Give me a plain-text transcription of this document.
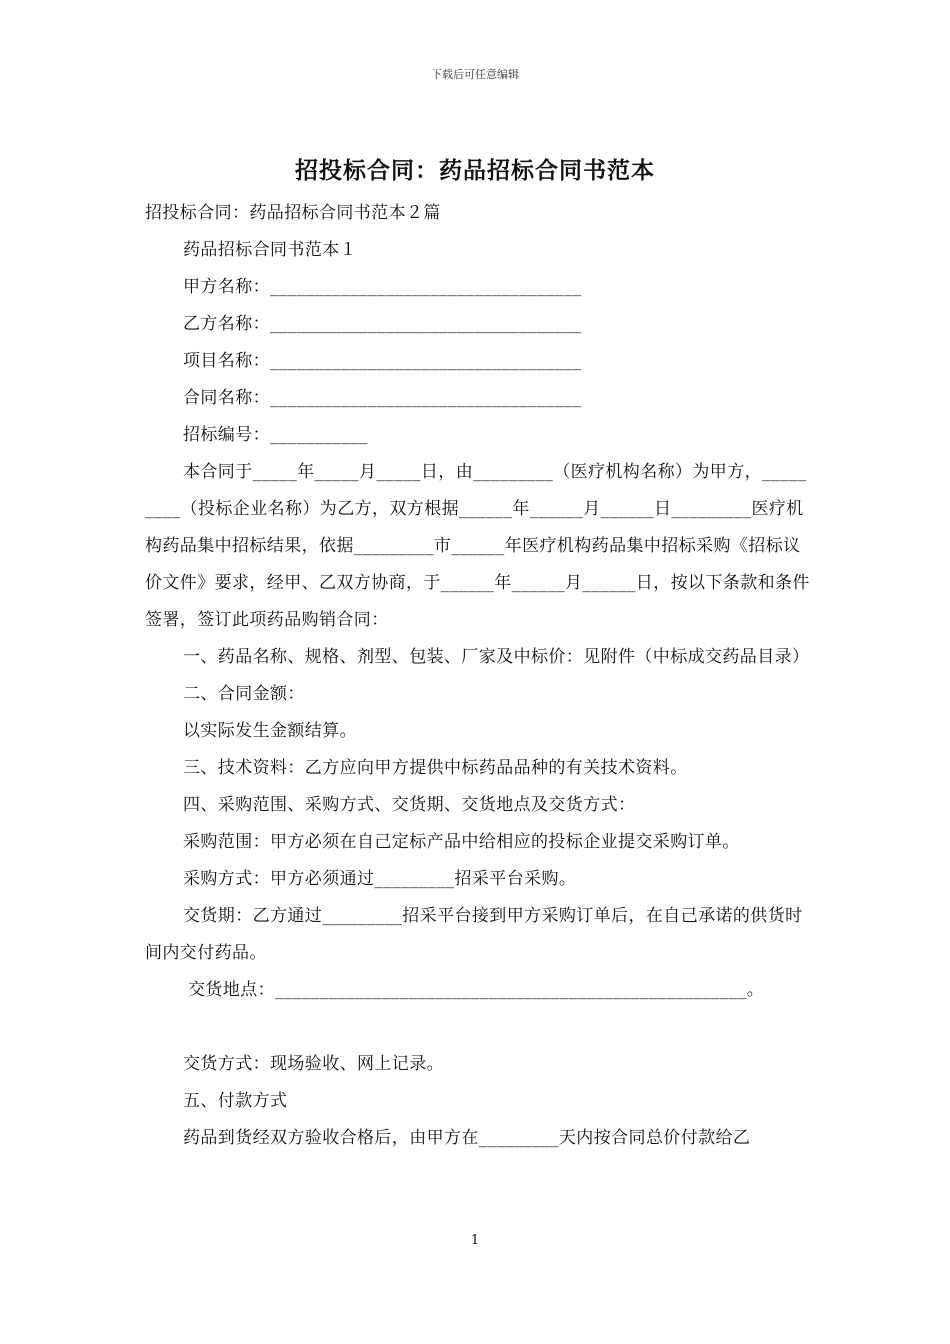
下载后可任意编辑
招投标合同：药品招标合同书范本

招投标合同：药品招标合同书范本２篇

药品招标合同书范本１

甲方名称：___________________________________

乙方名称：___________________________________

项目名称：___________________________________

合同名称：___________________________________

招标编号：___________

本合同于_____年_____月_____日，由_________（医疗机构名称）为甲方，_________（投标企业名称）为乙方，双方根据______年______月______日_________医疗机构药品集中招标结果，依据_________市______年医疗机构药品集中招标采购《招标议价文件》要求，经甲、乙双方协商，于______年______月______日，按以下条款和条件签署，签订此项药品购销合同：

一、药品名称、规格、剂型、包装、厂家及中标价：见附件（中标成交药品目录）

二、合同金额：

以实际发生金额结算。

三、技术资料：乙方应向甲方提供中标药品品种的有关技术资料。

四、采购范围、采购方式、交货期、交货地点及交货方式：

采购范围：甲方必须在自己定标产品中给相应的投标企业提交采购订单。

采购方式：甲方必须通过_________招采平台采购。

交货期：乙方通过_________招采平台接到甲方采购订单后，在自己承诺的供货时间内交付药品。

交货地点：_____________________________________________________。

交货方式：现场验收、网上记录。

五、付款方式

药品到货经双方验收合格后，由甲方在_________天内按合同总价付款给乙

1
